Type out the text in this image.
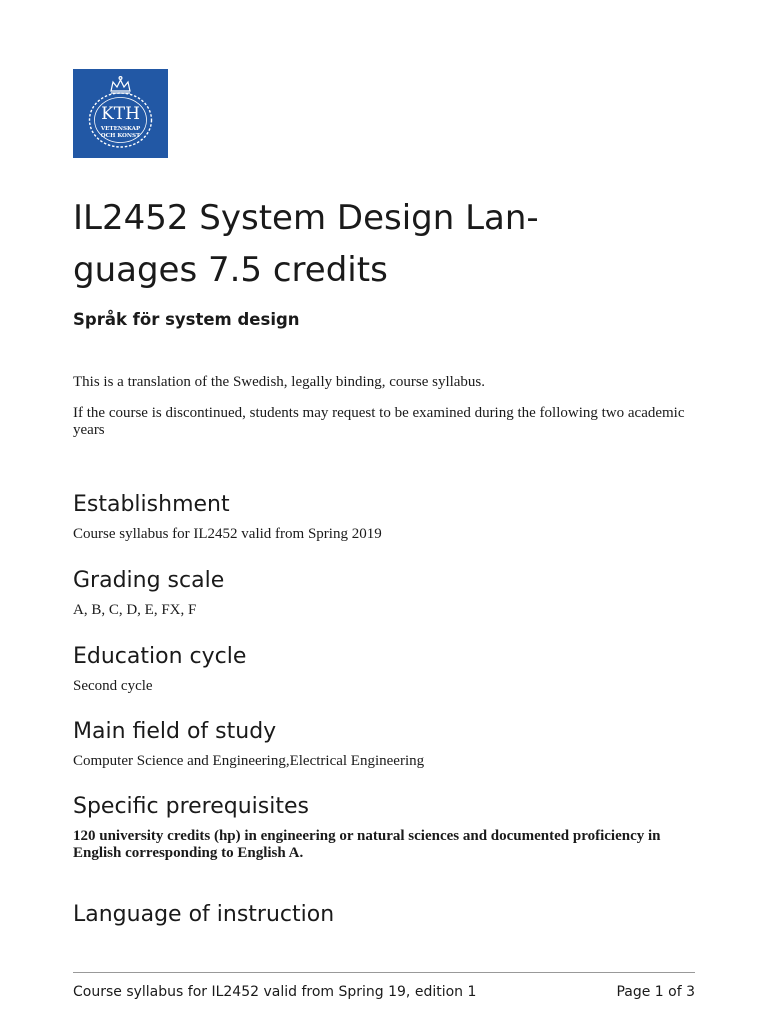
KTH
VETENSKAP
OCH KONST
IL2452 System Design Lan-
guages 7.5 credits

Språk för system design

This is a translation of the Swedish, legally binding, course syllabus.

If the course is discontinued, students may request to be examined during the following two academic years

Establishment

Course syllabus for IL2452 valid from Spring 2019

Grading scale

A, B, C, D, E, FX, F

Education cycle

Second cycle

Main field of study

Computer Science and Engineering,Electrical Engineering

Specific prerequisites

120 university credits (hp) in engineering or natural sciences and documented proficiency in English corresponding to English A.

Language of instruction

Course syllabus for IL2452 valid from Spring 19, edition 1	Page 1 of 3
